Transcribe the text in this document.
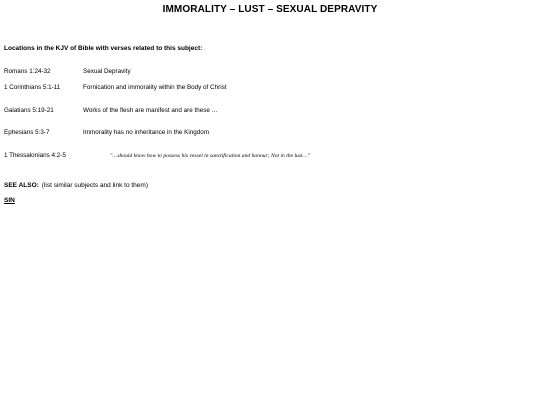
IMMORALITY – LUST – SEXUAL DEPRAVITY
Locations in the KJV of Bible with verses related to this subject:
Romans 1:24-32	Sexual Depravity
1 Corinthians 5:1-11	Fornication and immorality within the Body of Christ
Galatians 5:19-21	Works of the flesh are manifest and are these …
Ephesians 5:3-7	Immorality has no inheritance in the Kingdom
1 Thessalonians 4:2-5	"…should know how to possess his vessel in sanctification and honour; Not in the lust…"
SEE ALSO: (list similar subjects and link to them)
SIN
